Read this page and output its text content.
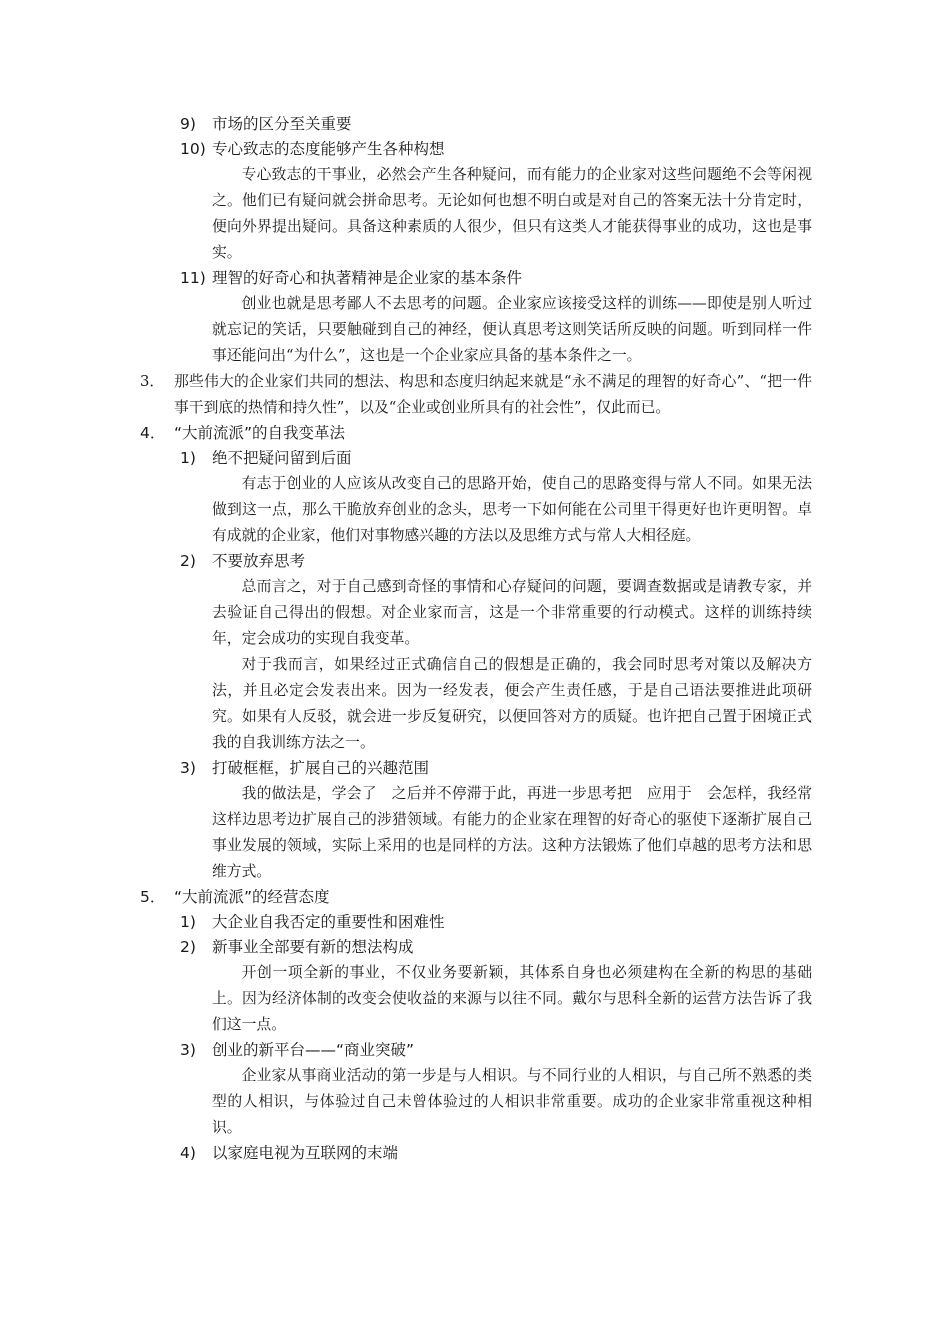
9)	市场的区分至关重要
10) 专心致志的态度能够产生各种构想

专心致志的干事业，必然会产生各种疑问，而有能力的企业家对这些问题绝不会等闲视之。他们已有疑问就会拼命思考。无论如何也想不明白或是对自己的答案无法十分肯定时，便向外界提出疑问。具备这种素质的人很少，但只有这类人才能获得事业的成功，这也是事实。

11) 理智的好奇心和执著精神是企业家的基本条件

创业也就是思考鄙人不去思考的问题。企业家应该接受这样的训练——即使是别人听过就忘记的笑话，只要触碰到自己的神经，便认真思考这则笑话所反映的问题。听到同样一件事还能问出“为什么”，这也是一个企业家应具备的基本条件之一。

3． 那些伟大的企业家们共同的想法、构思和态度归纳起来就是“永不满足的理智的好奇心”、“把一件事干到底的热情和持久性”，以及“企业或创业所具有的社会性”，仅此而已。
4． “大前流派”的自我变革法
1)	绝不把疑问留到后面

有志于创业的人应该从改变自己的思路开始，使自己的思路变得与常人不同。如果无法做到这一点，那么干脆放弃创业的念头，思考一下如何能在公司里干得更好也许更明智。卓有成就的企业家，他们对事物感兴趣的方法以及思维方式与常人大相径庭。

2)	不要放弃思考

总而言之，对于自己感到奇怪的事情和心存疑问的问题，要调查数据或是请教专家，并去验证自己得出的假想。对企业家而言，这是一个非常重要的行动模式。这样的训练持续　年，定会成功的实现自我变革。

对于我而言，如果经过正式确信自己的假想是正确的，我会同时思考对策以及解决方法，并且必定会发表出来。因为一经发表，便会产生责任感，于是自己语法要推进此项研究。如果有人反驳，就会进一步反复研究，以便回答对方的质疑。也许把自己置于困境正式我的自我训练方法之一。

3)	打破框框，扩展自己的兴趣范围

我的做法是，学会了　之后并不停滞于此，再进一步思考把　应用于　会怎样，我经常这样边思考边扩展自己的涉猎领域。有能力的企业家在理智的好奇心的驱使下逐渐扩展自己事业发展的领域，实际上采用的也是同样的方法。这种方法锻炼了他们卓越的思考方法和思维方式。

5． “大前流派”的经营态度
1)	大企业自我否定的重要性和困难性
2)	新事业全部要有新的想法构成

开创一项全新的事业，不仅业务要新颖，其体系自身也必须建构在全新的构思的基础上。因为经济体制的改变会使收益的来源与以往不同。戴尔与思科全新的运营方法告诉了我们这一点。

3)	创业的新平台——“商业突破”

企业家从事商业活动的第一步是与人相识。与不同行业的人相识，与自己所不熟悉的类型的人相识，与体验过自己未曾体验过的人相识非常重要。成功的企业家非常重视这种相识。

4)	以家庭电视为互联网的末端
